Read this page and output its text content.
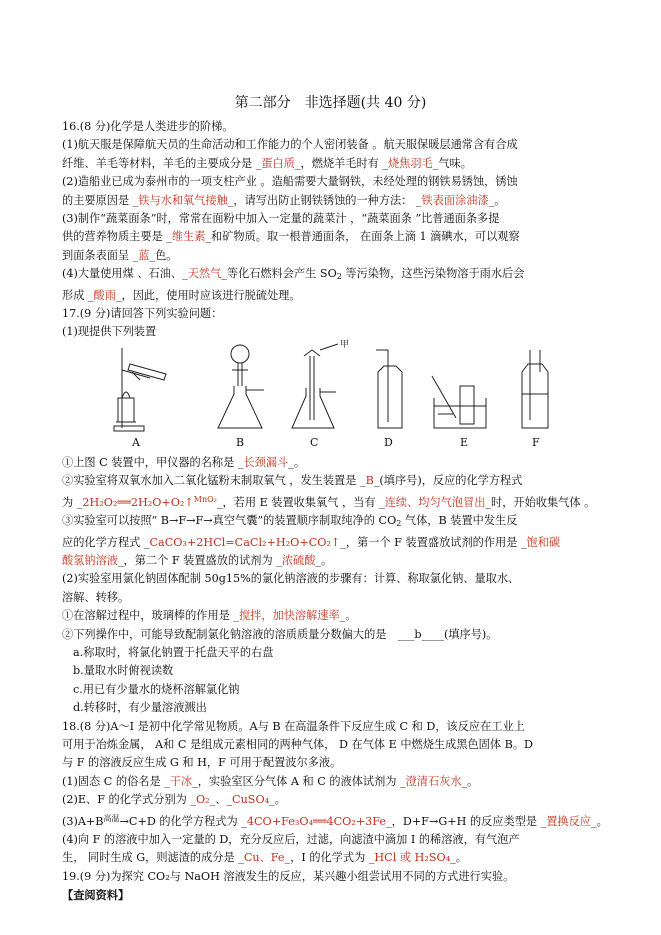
第二部分　非选择题(共 40 分)
16.(8 分)化学是人类进步的阶梯。
(1)航天服是保障航天员的生命活动和工作能力的个人密闭装备 。航天服保暖层通常含有合成
纤维、羊毛等材料，羊毛的主要成分是 _蛋白质_，燃烧羊毛时有 _烧焦羽毛_气味。
(2)造船业已成为泰州市的一项支柱产业 。造船需要大量钢铁，未经处理的钢铁易锈蚀，锈蚀
的主要原因是 _铁与水和氧气接触_，请写出防止钢铁锈蚀的一种方法： _铁表面涂油漆_。
(3)制作“蔬菜面条”时，常常在面粉中加入一定量的蔬菜汁 ，“蔬菜面条 ”比普通面条多提
供的营养物质主要是 _维生素_和矿物质。取一根普通面条， 在面条上滴 1 滴碘水，可以观察
到面条表面呈 _蓝_色。
(4)大量使用煤 、石油、_天然气_等化石燃料会产生 SO2 等污染物，这些污染物溶于雨水后会
形成 _酸雨_，因此，使用时应该进行脱硫处理。
17.(9 分)请回答下列实验问题：
(1)现提供下列装置
甲
A	B	C	D	E	F
①上图 C 装置中，甲仪器的名称是 _长颈漏斗_。
②实验室将双氧水加入二氧化锰粉末制取氧气 ，发生装置是 _B_(填序号)，反应的化学方程式
为 _2H₂O₂══2H₂O+O₂↑$^{MnO_2}$_，若用 E 装置收集氧气 ，当有 _连续、均匀气泡冒出_时，开始收集气体 。
③实验室可以按照“ B→F→F→真空气囊”的装置顺序制取纯净的 CO2 气体，B 装置中发生反
应的化学方程式 _CaCO₃+2HCl=CaCl₂+H₂O+CO₂↑_，第一个 F 装置盛放试剂的作用是 _饱和碳
酸氢钠溶液_，第二个 F 装置盛放的试剂为 _浓硫酸_。
(2)实验室用氯化钠固体配制 50g15%的氯化钠溶液的步骤有：计算、称取氯化钠、量取水、
溶解、转移。
①在溶解过程中，玻璃棒的作用是 _搅拌，加快溶解速率_。
②下列操作中，可能导致配制氯化钠溶液的溶质质量分数偏大的是　___b____(填序号)。
a.称取时，将氯化钠置于托盘天平的右盘
b.量取水时俯视读数
c.用已有少量水的烧杯溶解氯化钠
d.转移时，有少量溶液溅出
18.(8 分)A～I 是初中化学常见物质。A与 B 在高温条件下反应生成 C 和 D，该反应在工业上
可用于冶炼金属， A和 C 是组成元素相同的两种气体， D 在气体 E 中燃烧生成黑色固体 B。D
与 F 的溶液反应生成 G 和 H，F 可用于配置波尔多液。
(1)固态 C 的俗名是 _干冰_，实验室区分气体 A 和 C 的液体试剂为 _澄清石灰水_。
(2)E、F 的化学式分别为 _O₂_、_CuSO₄_。
$(3)A+B^{高温}\to C+D$ 的化学方程式为 _4CO+Fe₃O₄══4CO₂+3Fe_，D+F→G+H 的反应类型是 _置换反应_。
(4)向 F 的溶液中加入一定量的 D，充分反应后，过滤，向滤渣中滴加 I 的稀溶液，有气泡产
生， 同时生成 G，则滤渣的成分是 _Cu、Fe_，I 的化学式为 _HCl 或 H₂SO₄_。
19.(9 分)为探究 CO₂与 NaOH 溶液发生的反应，某兴趣小组尝试用不同的方式进行实验。
【查阅资料】
